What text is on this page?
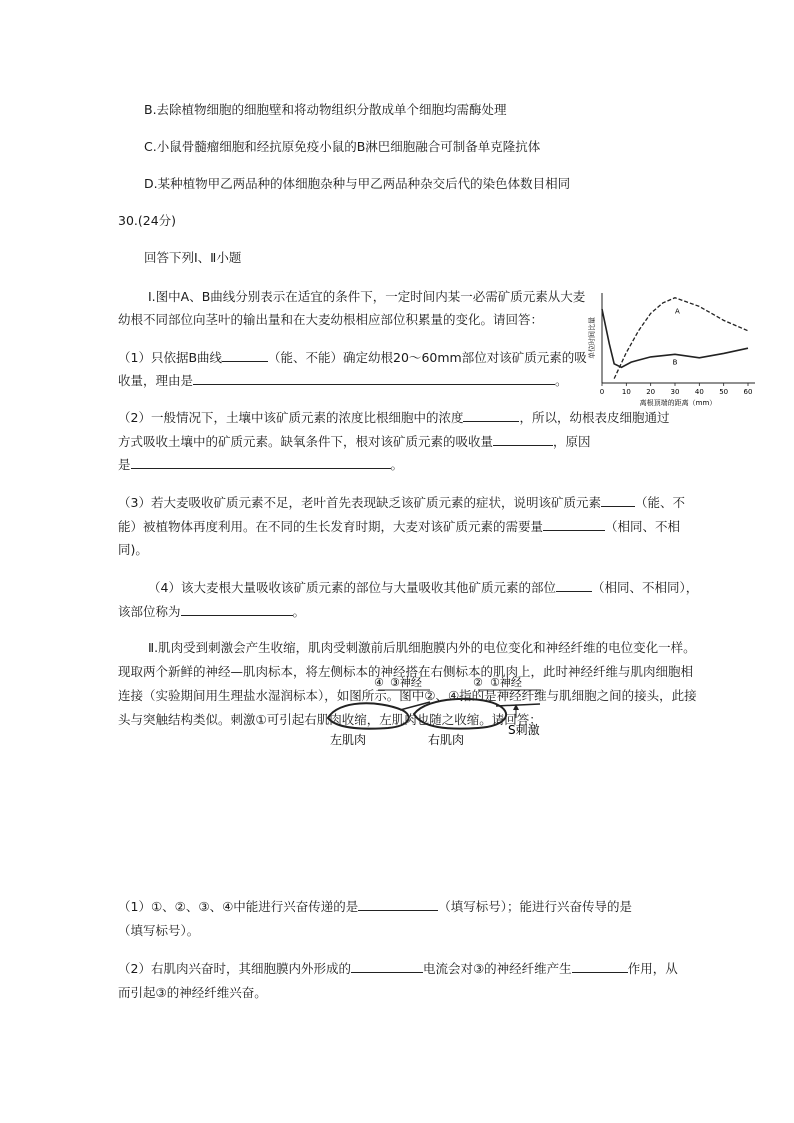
B.去除植物细胞的细胞壁和将动物组织分散成单个细胞均需酶处理
C.小鼠骨髓瘤细胞和经抗原免疫小鼠的B淋巴细胞融合可制备单克隆抗体
D.某种植物甲乙两品种的体细胞杂种与甲乙两品种杂交后代的染色体数目相同
30.(24分)
回答下列Ⅰ、Ⅱ小题
Ⅰ.图中A、B曲线分别表示在适宜的条件下，一定时间内某一必需矿质元素从大麦
幼根不同部位向茎叶的输出量和在大麦幼根相应部位积累量的变化。请回答：
（1）只依据B曲线	（能、不能）确定幼根20～60mm部位对该矿质元素的吸
收量，理由是	。
（2）一般情况下，土壤中该矿质元素的浓度比根细胞中的浓度	，所以，幼根表皮细胞通过
方式吸收土壤中的矿质元素。缺氧条件下，根对该矿质元素的吸收量	，原因
是	。
（3）若大麦吸收矿质元素不足，老叶首先表现缺乏该矿质元素的症状，说明该矿质元素	（能、不
能）被植物体再度利用。在不同的生长发育时期，大麦对该矿质元素的需要量	（相同、不相
同)。
（4）该大麦根大量吸收该矿质元素的部位与大量吸收其他矿质元素的部位	（相同、不相同），
该部位称为	。
单位时间比量
0	10 20 30 40 50 60
A
B
离根顶端的距离（mm）
Ⅱ.肌肉受到刺激会产生收缩，肌肉受刺激前后肌细胞膜内外的电位变化和神经纤维的电位变化一样。
现取两个新鲜的神经—肌肉标本，将左侧标本的神经搭在右侧标本的肌肉上，此时神经纤维与肌肉细胞相
连接（实验期间用生理盐水湿润标本），如图所示。图中②、④指的是神经纤维与肌细胞之间的接头，此接
头与突触结构类似。刺激①可引起右肌肉收缩，左肌肉也随之收缩。请回答：
④ ③神经	② ①神经
左肌肉	右肌肉
S刺激
（1）①、②、③、④中能进行兴奋传递的是	（填写标号）；能进行兴奋传导的是
（填写标号）。
（2）右肌肉兴奋时，其细胞膜内外形成的	电流会对③的神经纤维产生	作用，从
而引起③的神经纤维兴奋。
